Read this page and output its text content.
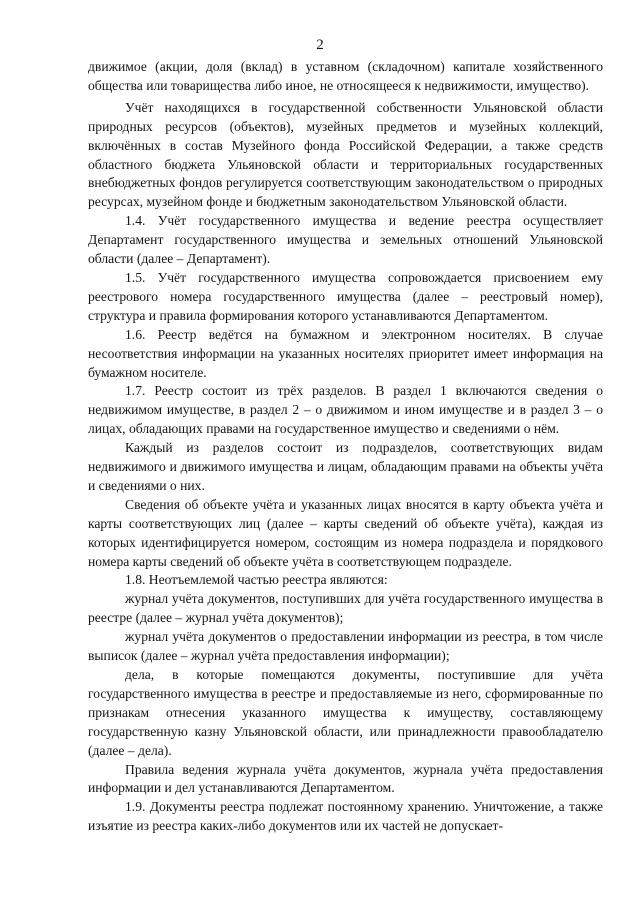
2

движимое (акции, доля (вклад) в уставном (складочном) капитале хозяйственного общества или товарищества либо иное, не относящееся к недвижимости, имущество).

Учёт находящихся в государственной собственности Ульяновской области природных ресурсов (объектов), музейных предметов и музейных коллекций, включённых в состав Музейного фонда Российской Федерации, а также средств областного бюджета Ульяновской области и территориальных государственных внебюджетных фондов регулируется соответствующим законодательством о природных ресурсах, музейном фонде и бюджетным законодательством Ульяновской области.

1.4. Учёт государственного имущества и ведение реестра осуществляет Департамент государственного имущества и земельных отношений Ульяновской области (далее – Департамент).

1.5. Учёт государственного имущества сопровождается присвоением ему реестрового номера государственного имущества (далее – реестровый номер), структура и правила формирования которого устанавливаются Департаментом.

1.6. Реестр ведётся на бумажном и электронном носителях. В случае несоответствия информации на указанных носителях приоритет имеет информация на бумажном носителе.

1.7. Реестр состоит из трёх разделов. В раздел 1 включаются сведения о недвижимом имуществе, в раздел 2 – о движимом и ином имуществе и в раздел 3 – о лицах, обладающих правами на государственное имущество и сведениями о нём.

Каждый из разделов состоит из подразделов, соответствующих видам недвижимого и движимого имущества и лицам, обладающим правами на объекты учёта и сведениями о них.

Сведения об объекте учёта и указанных лицах вносятся в карту объекта учёта и карты соответствующих лиц (далее – карты сведений об объекте учёта), каждая из которых идентифицируется номером, состоящим из номера подраздела и порядкового номера карты сведений об объекте учёта в соответствующем подразделе.

1.8. Неотъемлемой частью реестра являются:

журнал учёта документов, поступивших для учёта государственного имущества в реестре (далее – журнал учёта документов);

журнал учёта документов о предоставлении информации из реестра, в том числе выписок (далее – журнал учёта предоставления информации);

дела, в которые помещаются документы, поступившие для учёта государственного имущества в реестре и предоставляемые из него, сформированные по признакам отнесения указанного имущества к имуществу, составляющему государственную казну Ульяновской области, или принадлежности правообладателю (далее – дела).

Правила ведения журнала учёта документов, журнала учёта предоставления информации и дел устанавливаются Департаментом.

1.9. Документы реестра подлежат постоянному хранению. Уничтожение, а также изъятие из реестра каких-либо документов или их частей не допускает-
